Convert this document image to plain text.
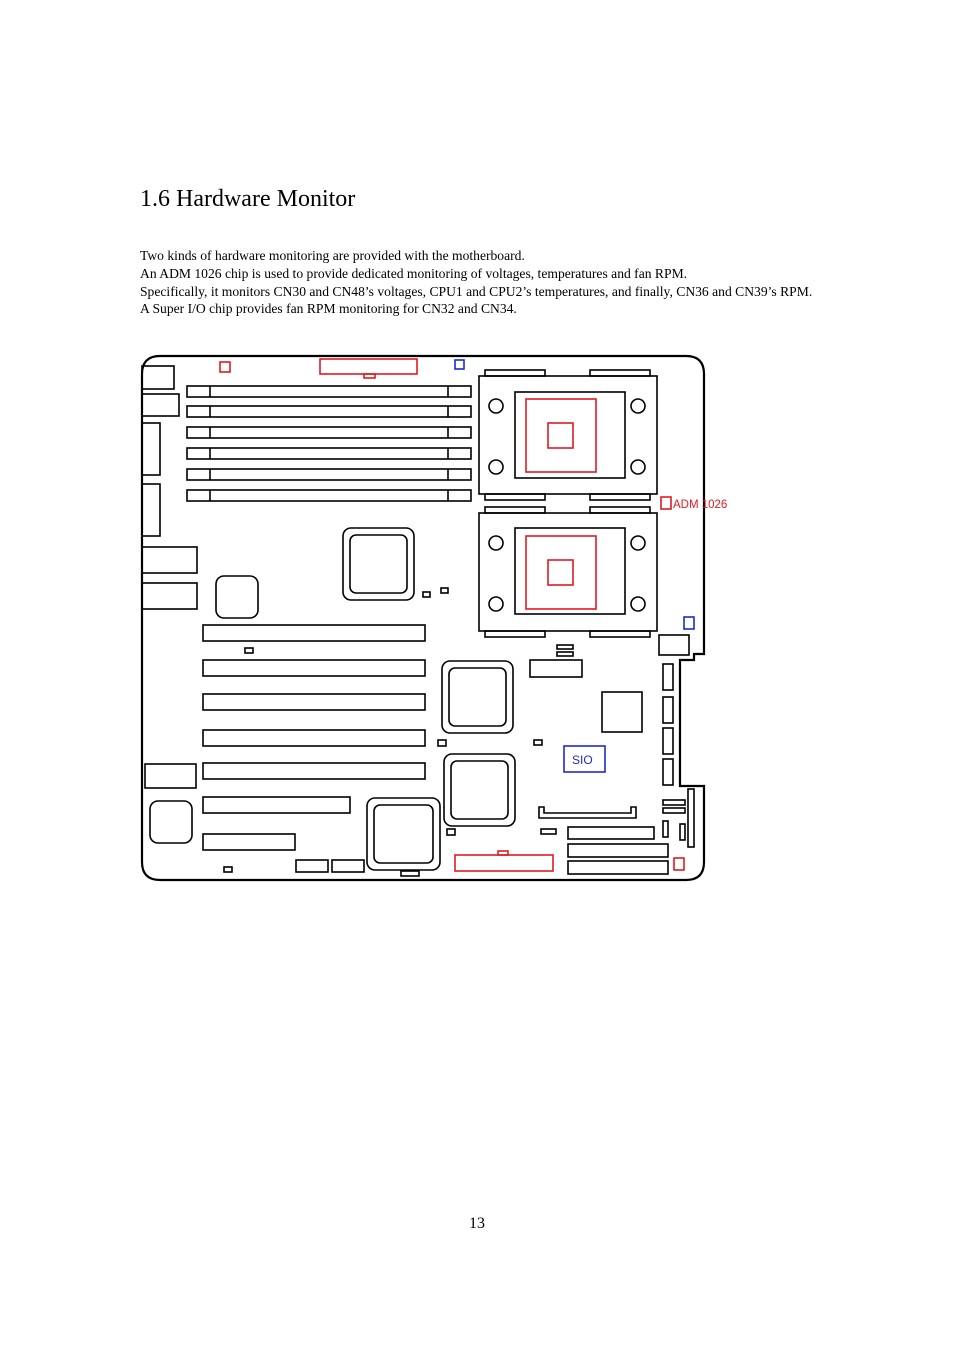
1.6 Hardware Monitor

Two kinds of hardware monitoring are provided with the motherboard.

An ADM 1026 chip is used to provide dedicated monitoring of voltages, temperatures and fan RPM.

Specifically, it monitors CN30 and CN48’s voltages, CPU1 and CPU2’s temperatures, and finally, CN36 and CN39’s RPM.

A Super I/O chip provides fan RPM monitoring for CN32 and CN34.

ADM 1026
SIO
13
